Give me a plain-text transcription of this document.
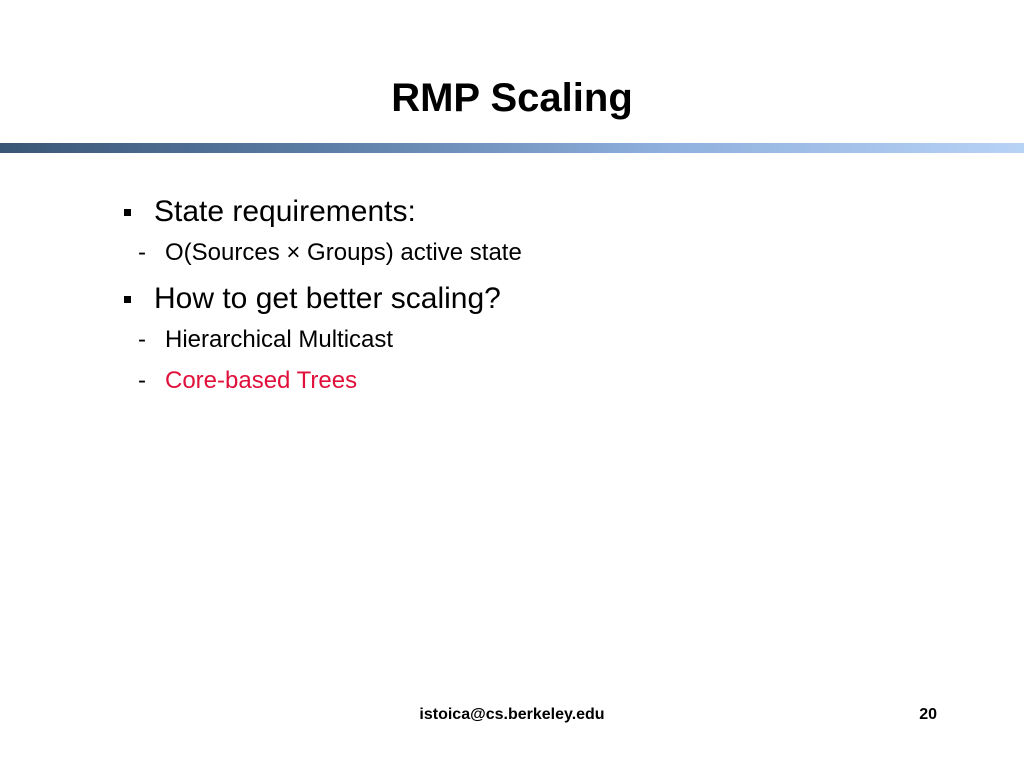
RMP Scaling
State requirements:
- O(Sources × Groups) active state
How to get better scaling?
- Hierarchical Multicast
- Core-based Trees
istoica@cs.berkeley.edu	20
